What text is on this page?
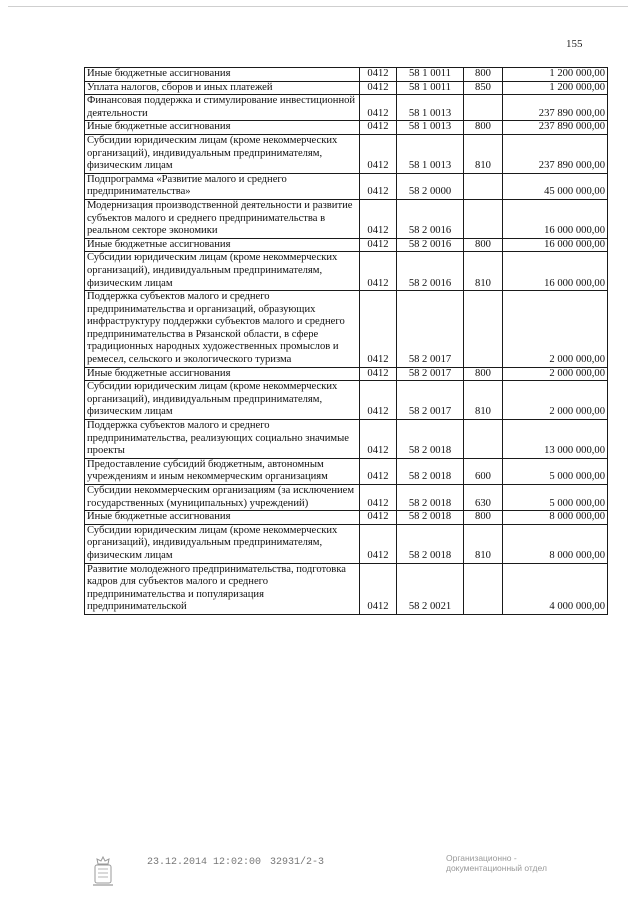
155
Иные бюджетные ассигнования	0412	58 1 0011	800	1 200 000,00
Уплата налогов, сборов и иных платежей	0412	58 1 0011	850	1 200 000,00
Финансовая поддержка и стимулирование инвестиционной деятельности	0412	58 1 0013		237 890 000,00
Иные бюджетные ассигнования	0412	58 1 0013	800	237 890 000,00
Субсидии юридическим лицам (кроме некоммерческих организаций), индивидуальным предпринимателям, физическим лицам	0412	58 1 0013	810	237 890 000,00
Подпрограмма «Развитие малого и среднего предпринимательства»	0412	58 2 0000		45 000 000,00
Модернизация производственной деятельности и развитие субъектов малого и среднего предпринимательства в реальном секторе экономики	0412	58 2 0016		16 000 000,00
Иные бюджетные ассигнования	0412	58 2 0016	800	16 000 000,00
Субсидии юридическим лицам (кроме некоммерческих организаций), индивидуальным предпринимателям, физическим лицам	0412	58 2 0016	810	16 000 000,00
Поддержка субъектов малого и среднего предпринимательства и организаций, образующих инфраструктуру поддержки субъектов малого и среднего предпринимательства в Рязанской области, в сфере традиционных народных художественных промыслов и ремесел, сельского и экологического туризма	0412	58 2 0017		2 000 000,00
Иные бюджетные ассигнования	0412	58 2 0017	800	2 000 000,00
Субсидии юридическим лицам (кроме некоммерческих организаций), индивидуальным предпринимателям, физическим лицам	0412	58 2 0017	810	2 000 000,00
Поддержка субъектов малого и среднего предпринимательства, реализующих социально значимые проекты	0412	58 2 0018		13 000 000,00
Предоставление субсидий бюджетным, автономным учреждениям и иным некоммерческим организациям	0412	58 2 0018	600	5 000 000,00
Субсидии некоммерческим организациям (за исключением государственных (муниципальных) учреждений)	0412	58 2 0018	630	5 000 000,00
Иные бюджетные ассигнования	0412	58 2 0018	800	8 000 000,00
Субсидии юридическим лицам (кроме некоммерческих организаций), индивидуальным предпринимателям, физическим лицам	0412	58 2 0018	810	8 000 000,00
Развитие молодежного предпринимательства, подготовка кадров для субъектов малого и среднего предпринимательства и популяризация предпринимательской	0412	58 2 0021		4 000 000,00
23.12.2014 12:02:00 32931/2-3	Организационно - документационный отдел
